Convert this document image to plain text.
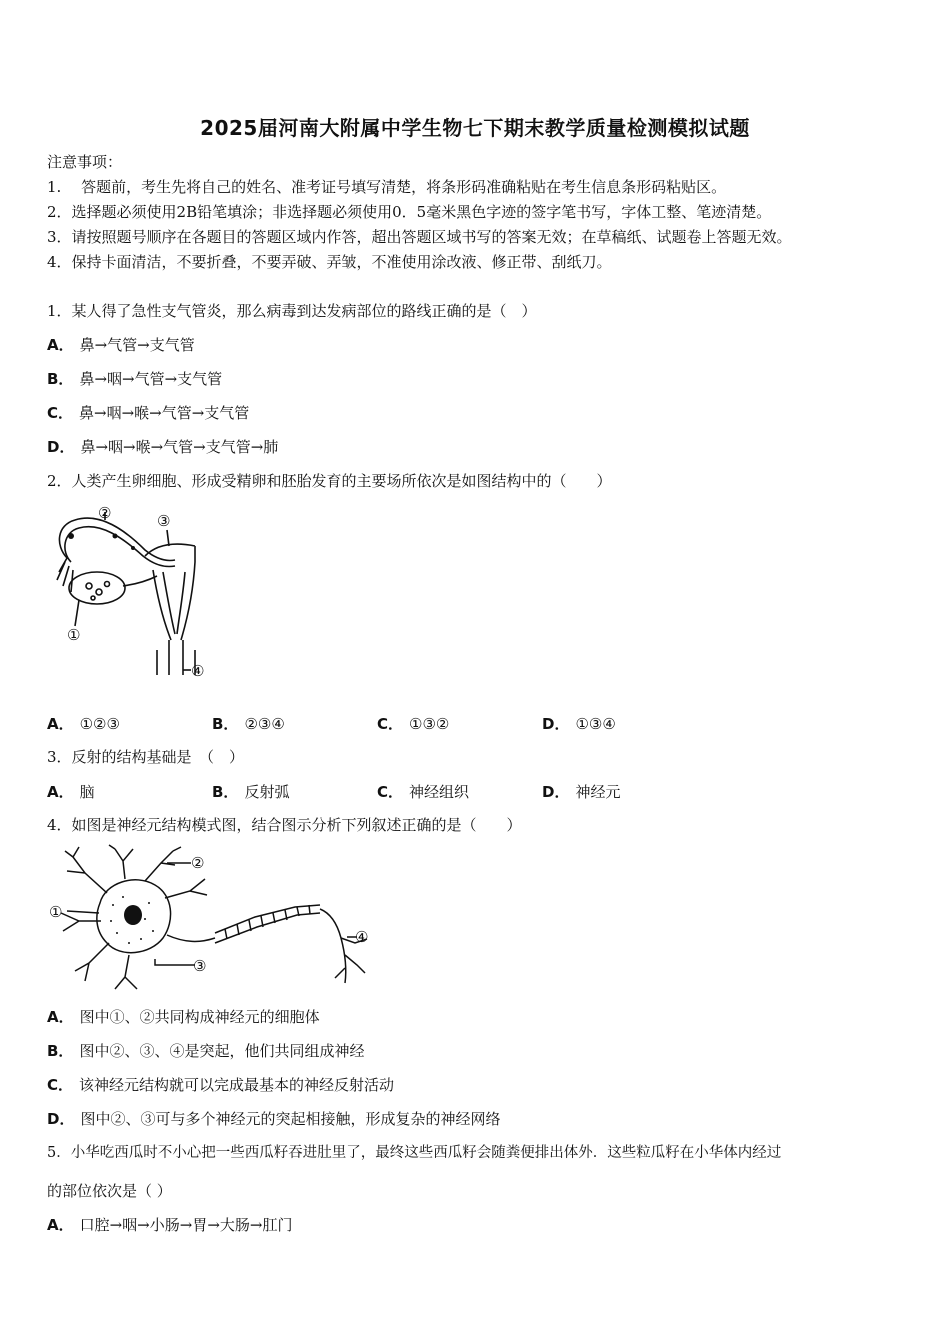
2025届河南大附属中学生物七下期末教学质量检测模拟试题
注意事项：
1.　 答题前，考生先将自己的姓名、准考证号填写清楚，将条形码准确粘贴在考生信息条形码粘贴区。
2．选择题必须使用2B铅笔填涂；非选择题必须使用0．5毫米黑色字迹的签字笔书写，字体工整、笔迹清楚。
3．请按照题号顺序在各题目的答题区域内作答，超出答题区域书写的答案无效；在草稿纸、试题卷上答题无效。
4．保持卡面清洁，不要折叠，不要弄破、弄皱，不准使用涂改液、修正带、刮纸刀。
1．某人得了急性支气管炎，那么病毒到达发病部位的路线正确的是（　）
A． 鼻→气管→支气管
B． 鼻→咽→气管→支气管
C． 鼻→咽→喉→气管→支气管
D． 鼻→咽→喉→气管→支气管→肺
2．人类产生卵细胞、形成受精卵和胚胎发育的主要场所依次是如图结构中的（　　）
②	③
①
④
A． ①②③	B． ②③④	C． ①③②	D． ①③④
3．反射的结构基础是　（　）
A． 脑	B． 反射弧	C． 神经组织	D． 神经元
4．如图是神经元结构模式图，结合图示分析下列叙述正确的是（　　）
②
①
③
④
A． 图中①、②共同构成神经元的细胞体
B． 图中②、③、④是突起，他们共同组成神经
C． 该神经元结构就可以完成最基本的神经反射活动
D． 图中②、③可与多个神经元的突起相接触，形成复杂的神经网络
5．小华吃西瓜时不小心把一些西瓜籽吞进肚里了，最终这些西瓜籽会随粪便排出体外．这些粒瓜籽在小华体内经过
的部位依次是（ ）
A． 口腔→咽→小肠→胃→大肠→肛门
